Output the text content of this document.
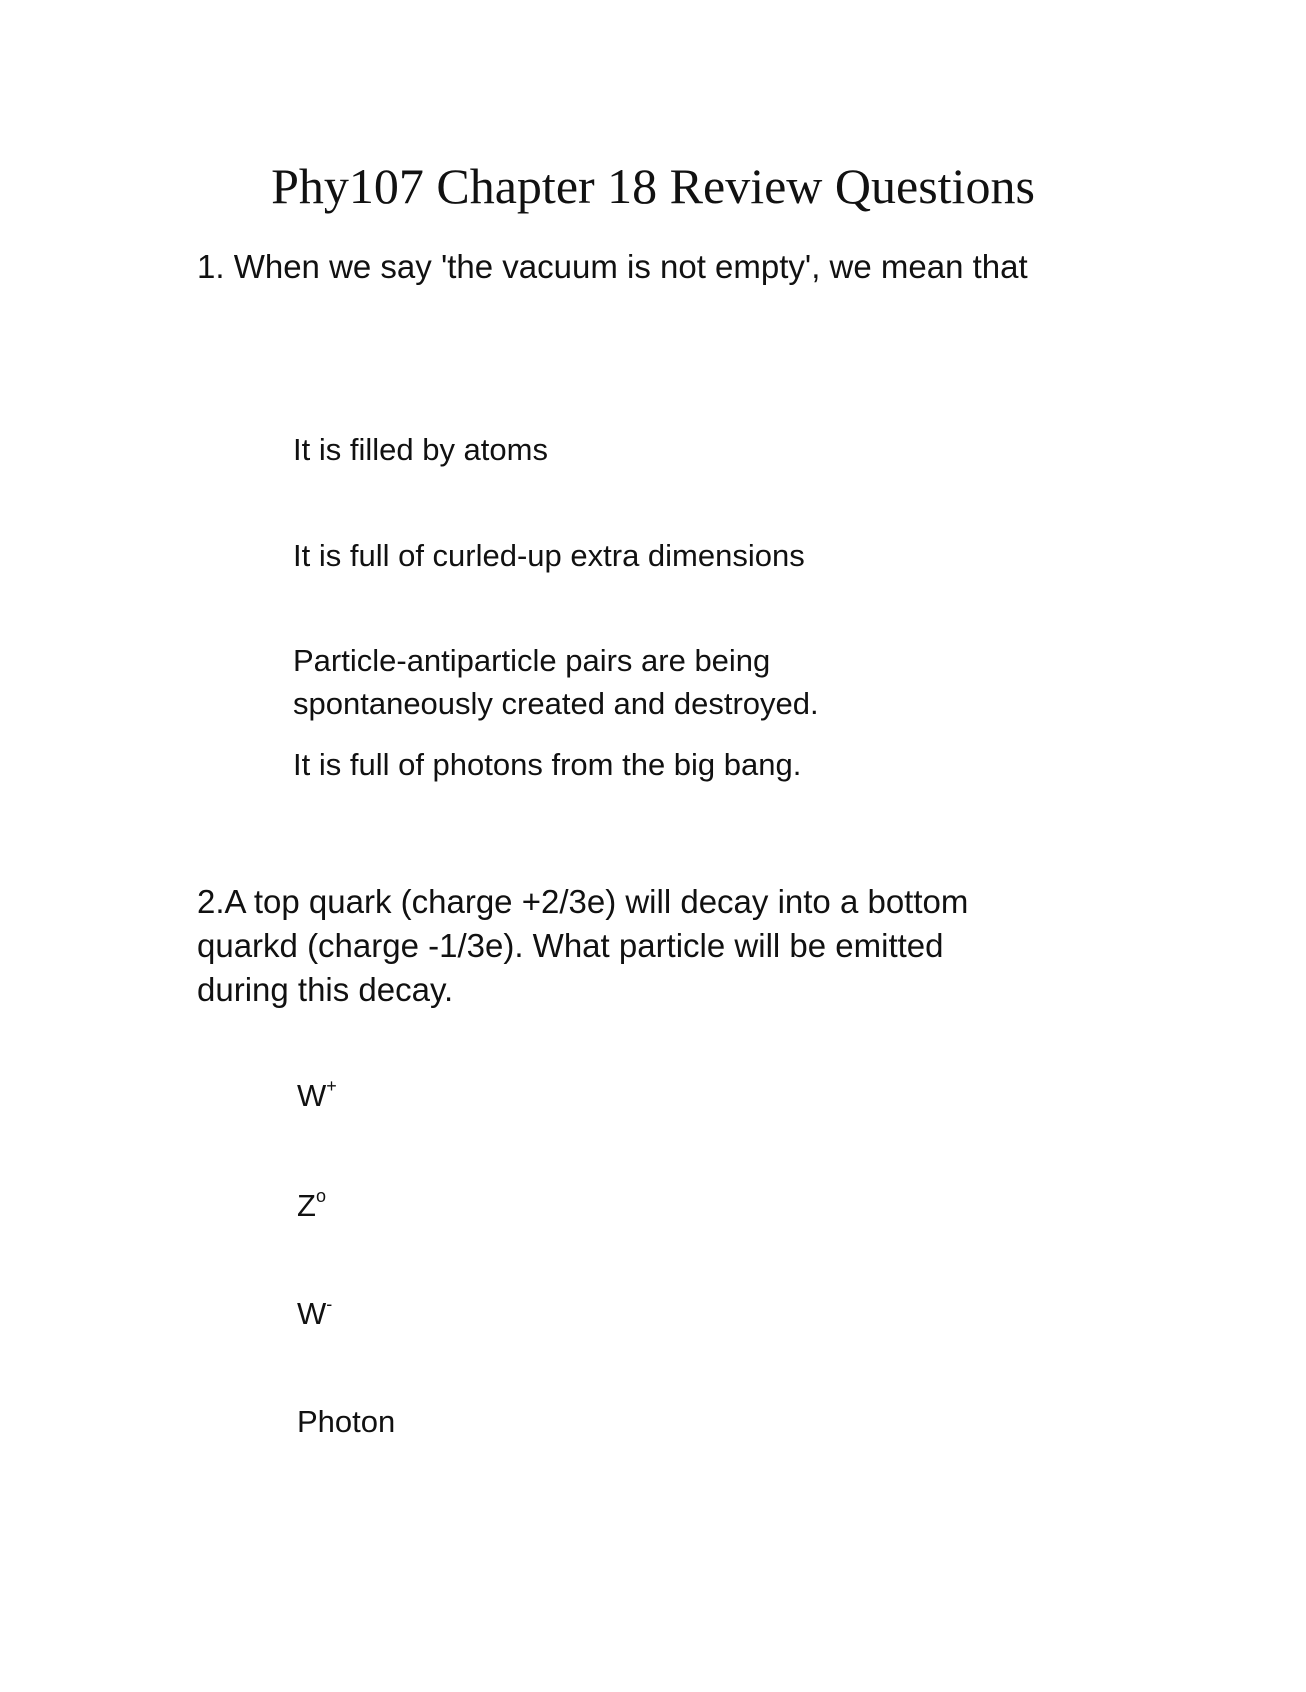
Phy107 Chapter 18 Review Questions
1. When we say 'the vacuum is not empty', we mean that
It is filled by atoms
It is full of curled-up extra dimensions
Particle-antiparticle pairs are being
spontaneously created and destroyed.
It is full of photons from the big bang.
2.A top quark (charge +2/3e) will decay into a bottom
quarkd (charge -1/3e). What particle will be emitted
during this decay.
W+
$Z^o$
W-
Photon
